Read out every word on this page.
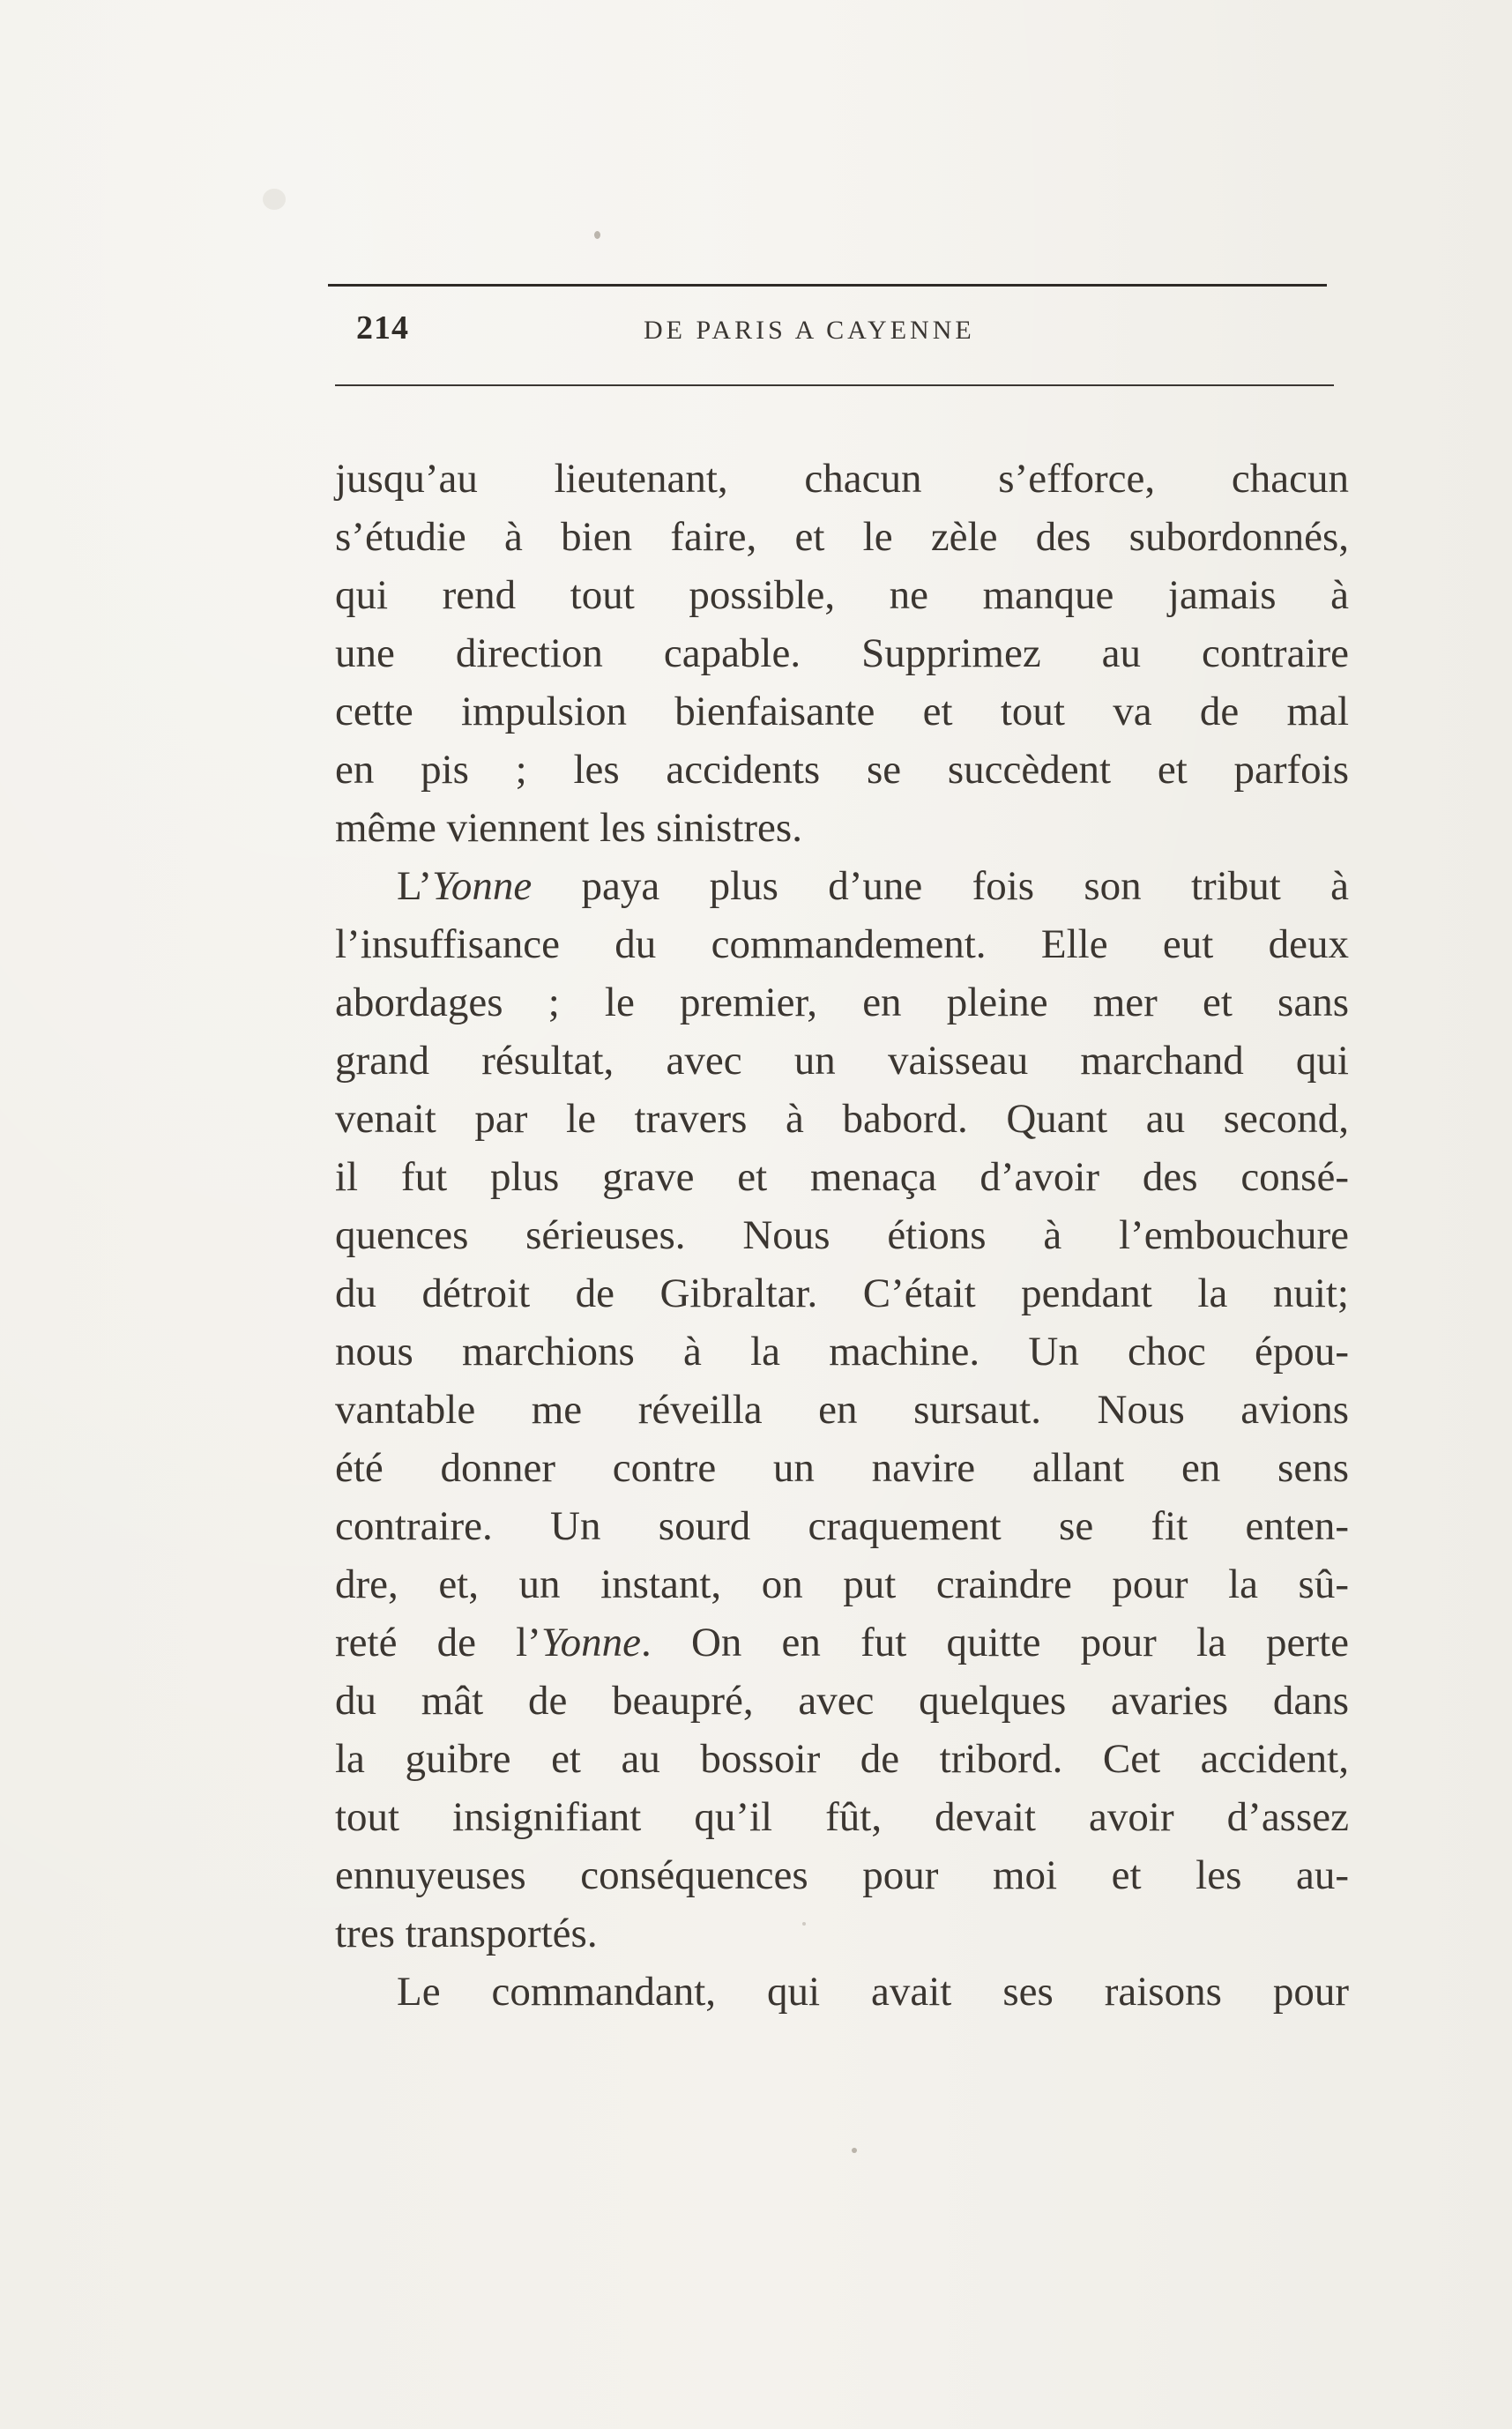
214	DE PARIS A CAYENNE
jusqu’au lieutenant, chacun s’efforce, chacun
s’étudie à bien faire, et le zèle des subordonnés,
qui rend tout possible, ne manque jamais à
une direction capable. Supprimez au contraire
cette impulsion bienfaisante et tout va de mal
en pis ; les accidents se succèdent et parfois
même viennent les sinistres.
L’Yonne paya plus d’une fois son tribut à
l’insuffisance du commandement. Elle eut deux
abordages ; le premier, en pleine mer et sans
grand résultat, avec un vaisseau marchand qui
venait par le travers à babord. Quant au second,
il fut plus grave et menaça d’avoir des consé-
quences sérieuses. Nous étions à l’embouchure
du détroit de Gibraltar. C’était pendant la nuit;
nous marchions à la machine. Un choc épou-
vantable me réveilla en sursaut. Nous avions
été donner contre un navire allant en sens
contraire. Un sourd craquement se fit enten-
dre, et, un instant, on put craindre pour la sû-
reté de l’Yonne. On en fut quitte pour la perte
du mât de beaupré, avec quelques avaries dans
la guibre et au bossoir de tribord. Cet accident,
tout insignifiant qu’il fût, devait avoir d’assez
ennuyeuses conséquences pour moi et les au-
tres transportés.
Le commandant, qui avait ses raisons pour
